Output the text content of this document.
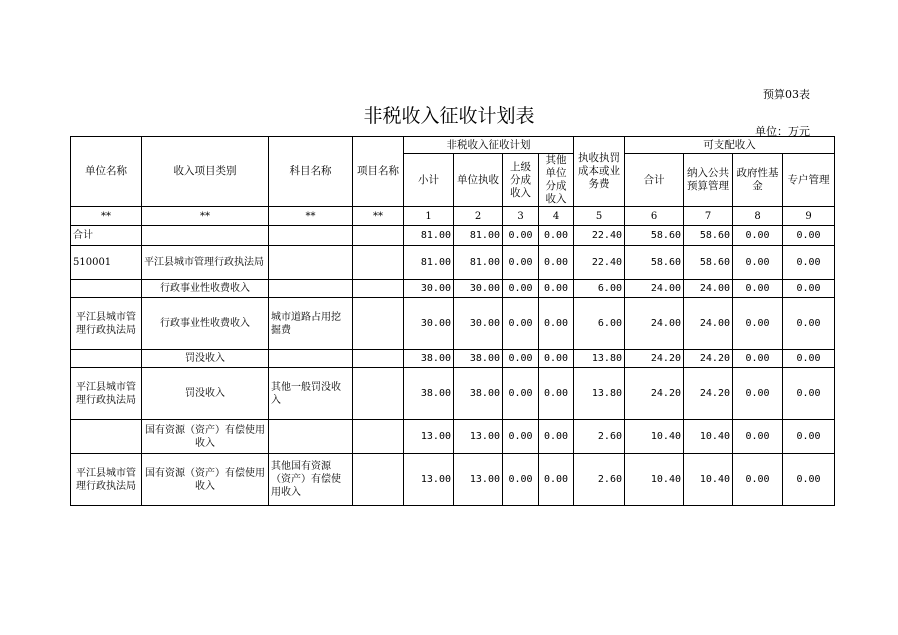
预算03表
非税收入征收计划表
单位：万元
单位名称	收入项目类别	科目名称	项目名称	非税收入征收计划				执收执罚成本或业务费	可支配收入			
				小计	单位执收	上级分成收入	其他单位分成收入		合计	纳入公共预算管理	政府性基金	专户管理
**	**	**	**	1	2	3	4	5	6	7	8	9
合计				81.00	81.00	0.00	0.00	22.40	58.60	58.60	0.00	0.00
510001	平江县城市管理行政执法局			81.00	81.00	0.00	0.00	22.40	58.60	58.60	0.00	0.00
	行政事业性收费收入			30.00	30.00	0.00	0.00	6.00	24.00	24.00	0.00	0.00
平江县城市管理行政执法局	行政事业性收费收入	城市道路占用挖掘费		30.00	30.00	0.00	0.00	6.00	24.00	24.00	0.00	0.00
	罚没收入			38.00	38.00	0.00	0.00	13.80	24.20	24.20	0.00	0.00
平江县城市管理行政执法局	罚没收入	其他一般罚没收入		38.00	38.00	0.00	0.00	13.80	24.20	24.20	0.00	0.00
	国有资源（资产）有偿使用收入			13.00	13.00	0.00	0.00	2.60	10.40	10.40	0.00	0.00
平江县城市管理行政执法局	国有资源（资产）有偿使用收入	其他国有资源（资产）有偿使用收入		13.00	13.00	0.00	0.00	2.60	10.40	10.40	0.00	0.00
